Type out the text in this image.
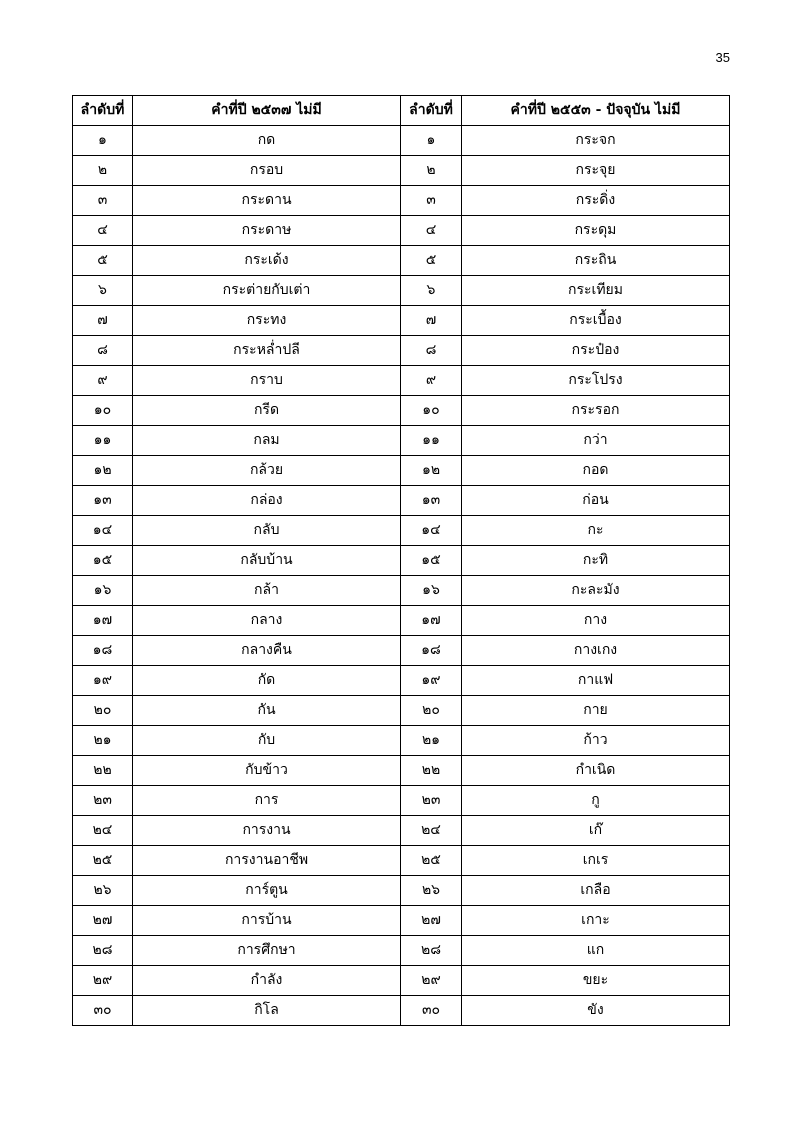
35
ลำดับที่	คำที่ปี ๒๕๓๗ ไม่มี	ลำดับที่	คำที่ปี ๒๕๕๓ - ปัจจุบัน ไม่มี
๑	กด	๑	กระจก
๒	กรอบ	๒	กระจุย
๓	กระดาน	๓	กระดิ่ง
๔	กระดาษ	๔	กระดุม
๕	กระเด้ง	๕	กระถิน
๖	กระต่ายกับเต่า	๖	กระเทียม
๗	กระทง	๗	กระเบื้อง
๘	กระหล่ำปลี	๘	กระป๋อง
๙	กราบ	๙	กระโปรง
๑๐	กรีด	๑๐	กระรอก
๑๑	กลม	๑๑	กว่า
๑๒	กล้วย	๑๒	กอด
๑๓	กล่อง	๑๓	ก่อน
๑๔	กลับ	๑๔	กะ
๑๕	กลับบ้าน	๑๕	กะทิ
๑๖	กล้า	๑๖	กะละมัง
๑๗	กลาง	๑๗	กาง
๑๘	กลางคืน	๑๘	กางเกง
๑๙	กัด	๑๙	กาแฟ
๒๐	กัน	๒๐	กาย
๒๑	กับ	๒๑	ก้าว
๒๒	กับข้าว	๒๒	กำเนิด
๒๓	การ	๒๓	กู
๒๔	การงาน	๒๔	เก๊
๒๕	การงานอาชีพ	๒๕	เกเร
๒๖	การ์ตูน	๒๖	เกลือ
๒๗	การบ้าน	๒๗	เกาะ
๒๘	การศึกษา	๒๘	แก
๒๙	กำลัง	๒๙	ขยะ
๓๐	กิโล	๓๐	ขัง
